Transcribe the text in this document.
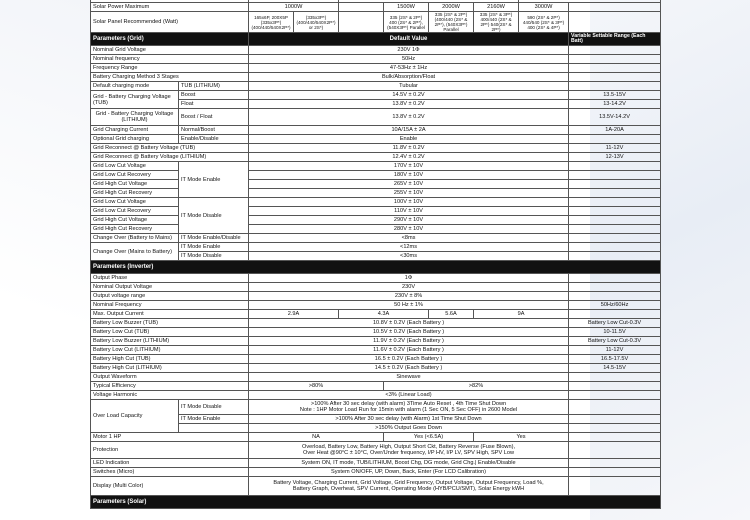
Solar Power Maximum		1000W			1500W	2000W	2160W	3000W	
Solar Panel Recommended (Watt)		165x6P, 200X5P (335x3P*) (400/440/540X2P*)	(335x3P*) (400/440/540X2P*) or 2S*)		335 (2S* & 2P*) 400 (2S* & 2P*), (540X3P*) Parallel	335 (2S* & 2P*) (400/440 (2S* & 2P*), (540X3P*) Parallel	335 (2S* & 3P*) 400/440 (2S* & 2P*) 540(2S* & 2P*)	590 (2S* & 2P*) 440/540 (2S* & 3P*) 400 (2S* & 4P*)	
Parameters (Grid)		Default Value							Variable Settable Range (Each Batt)
Nominal Grid Voltage		230V 1Φ							
Nominal frequency		50Hz							
Frequency Range		47-53Hz ± 1Hz							
Battery Charging Method 3 Stages		Bulk/Absorption/Float							
Default charging mode	TUB (LITHIUM)	Tubular							
Grid - Battery Charging Voltage (TUB)	Boost	14.5V ± 0.2V							13.5-15V
	Float	13.8V ± 0.2V							13-14.2V
Grid - Battery Charging Voltage (LITHIUM)	Boost / Float	13.8V ± 0.2V							13.5V-14.2V
Grid Charging Current	Normal/Boost	10A/15A ± 2A							1A-20A
Optional Grid charging	Enable/Disable	Enable							
Grid Reconnect @ Battery Voltage (TUB)		11.8V ± 0.2V							11-12V
Grid Reconnect @ Battery Voltage (LITHIUM)		12.4V ± 0.2V							12-13V
Grid Low Cut Voltage	IT Mode Enable	170V ± 10V							
Grid Low Cut Recovery		180V ± 10V							
Grid High Cut Voltage		265V ± 10V							
Grid High Cut Recovery		255V ± 10V							
Grid Low Cut Voltage	IT Mode Disable	100V ± 10V							
Grid Low Cut Recovery		110V ± 10V							
Grid High Cut Voltage		290V ± 10V							
Grid High Cut Recovery		280V ± 10V							
Change Over (Battery to Mains)	IT Mode Enable/Disable	<8ms							
Change Over (Mains to Battery)	IT Mode Enable	<12ms							
	IT Mode Disable	<30ms							
Parameters (Inverter)									
Output Phase		1Φ							
Nominal Output Voltage		230V							
Output voltage range		230V ± 8%							
Nominal Frequency		50 Hz ± 1%							50Hz/60Hz
Max. Output Current		2.9A		4.3A		5.6A	9A		
Battery Low Buzzer (TUB)		10.8V ± 0.2V (Each Battery )							Battery Low Cut-0.3V
Battery Low Cut (TUB)		10.5V ± 0.2V (Each Battery )							10-11.5V
Battery Low Buzzer (LITHIUM)		11.9V ± 0.2V (Each Battery )							Battery Low Cut-0.3V
Battery Low Cut (LITHIUM)		11.6V ± 0.2V (Each Battery )							11-12V
Battery High Cut (TUB)		16.5 ± 0.2V (Each Battery )							16.5-17.5V
Battery High Cut (LITHIUM)		14.5 ± 0.2V (Each Battery )							14.5-15V
Output Waveform		Sinewave							
Typical Efficiency		>80%			>82%				
Voltage Harmonic		<3% (Linear Load)							
Over Load Capacity	IT Mode Disable	>100% After 30 sec delay (with alarm) 3Time Auto Reset , 4th Time Shut Down
Note : 1HP Motor Load Run for 15min with alarm (1 Sec ON, 5 Sec OFF) in 2600 Model							

	IT Mode Enable	>100% After 30 sec delay (with Alarm) 1st Time Shut Down							
		>150% Output Goes Down							
Motor 1 HP		NA			Yes (<6.5A)		Yes		
Protection		Overload, Battery Low, Battery High, Output Short Ckt, Battery Reverse (Fuse Blown),
Over Heat @90°C ± 10°C, Over/Under frequency, I/P HV, I/P LV, SPV High, SPV Low							

LED Indication		System ON, IT mode, TUB/LITHIUM, Boost Chg, DG mode, Grid Chg.| Enable/Disable							
Switches (Micro)		System ON/OFF, UP, Down, Back, Enter (For LCD Calibration)							
Display (Multi Color)		Battery Voltage, Charging Current, Grid Voltage, Grid Frequency, Output Voltage, Output Frequency, Load %,
Battery Graph, Overheat, SPV Current, Operating Mode (HYB/PCU/SMT), Solar Energy kWH							

Parameters (Solar)									
